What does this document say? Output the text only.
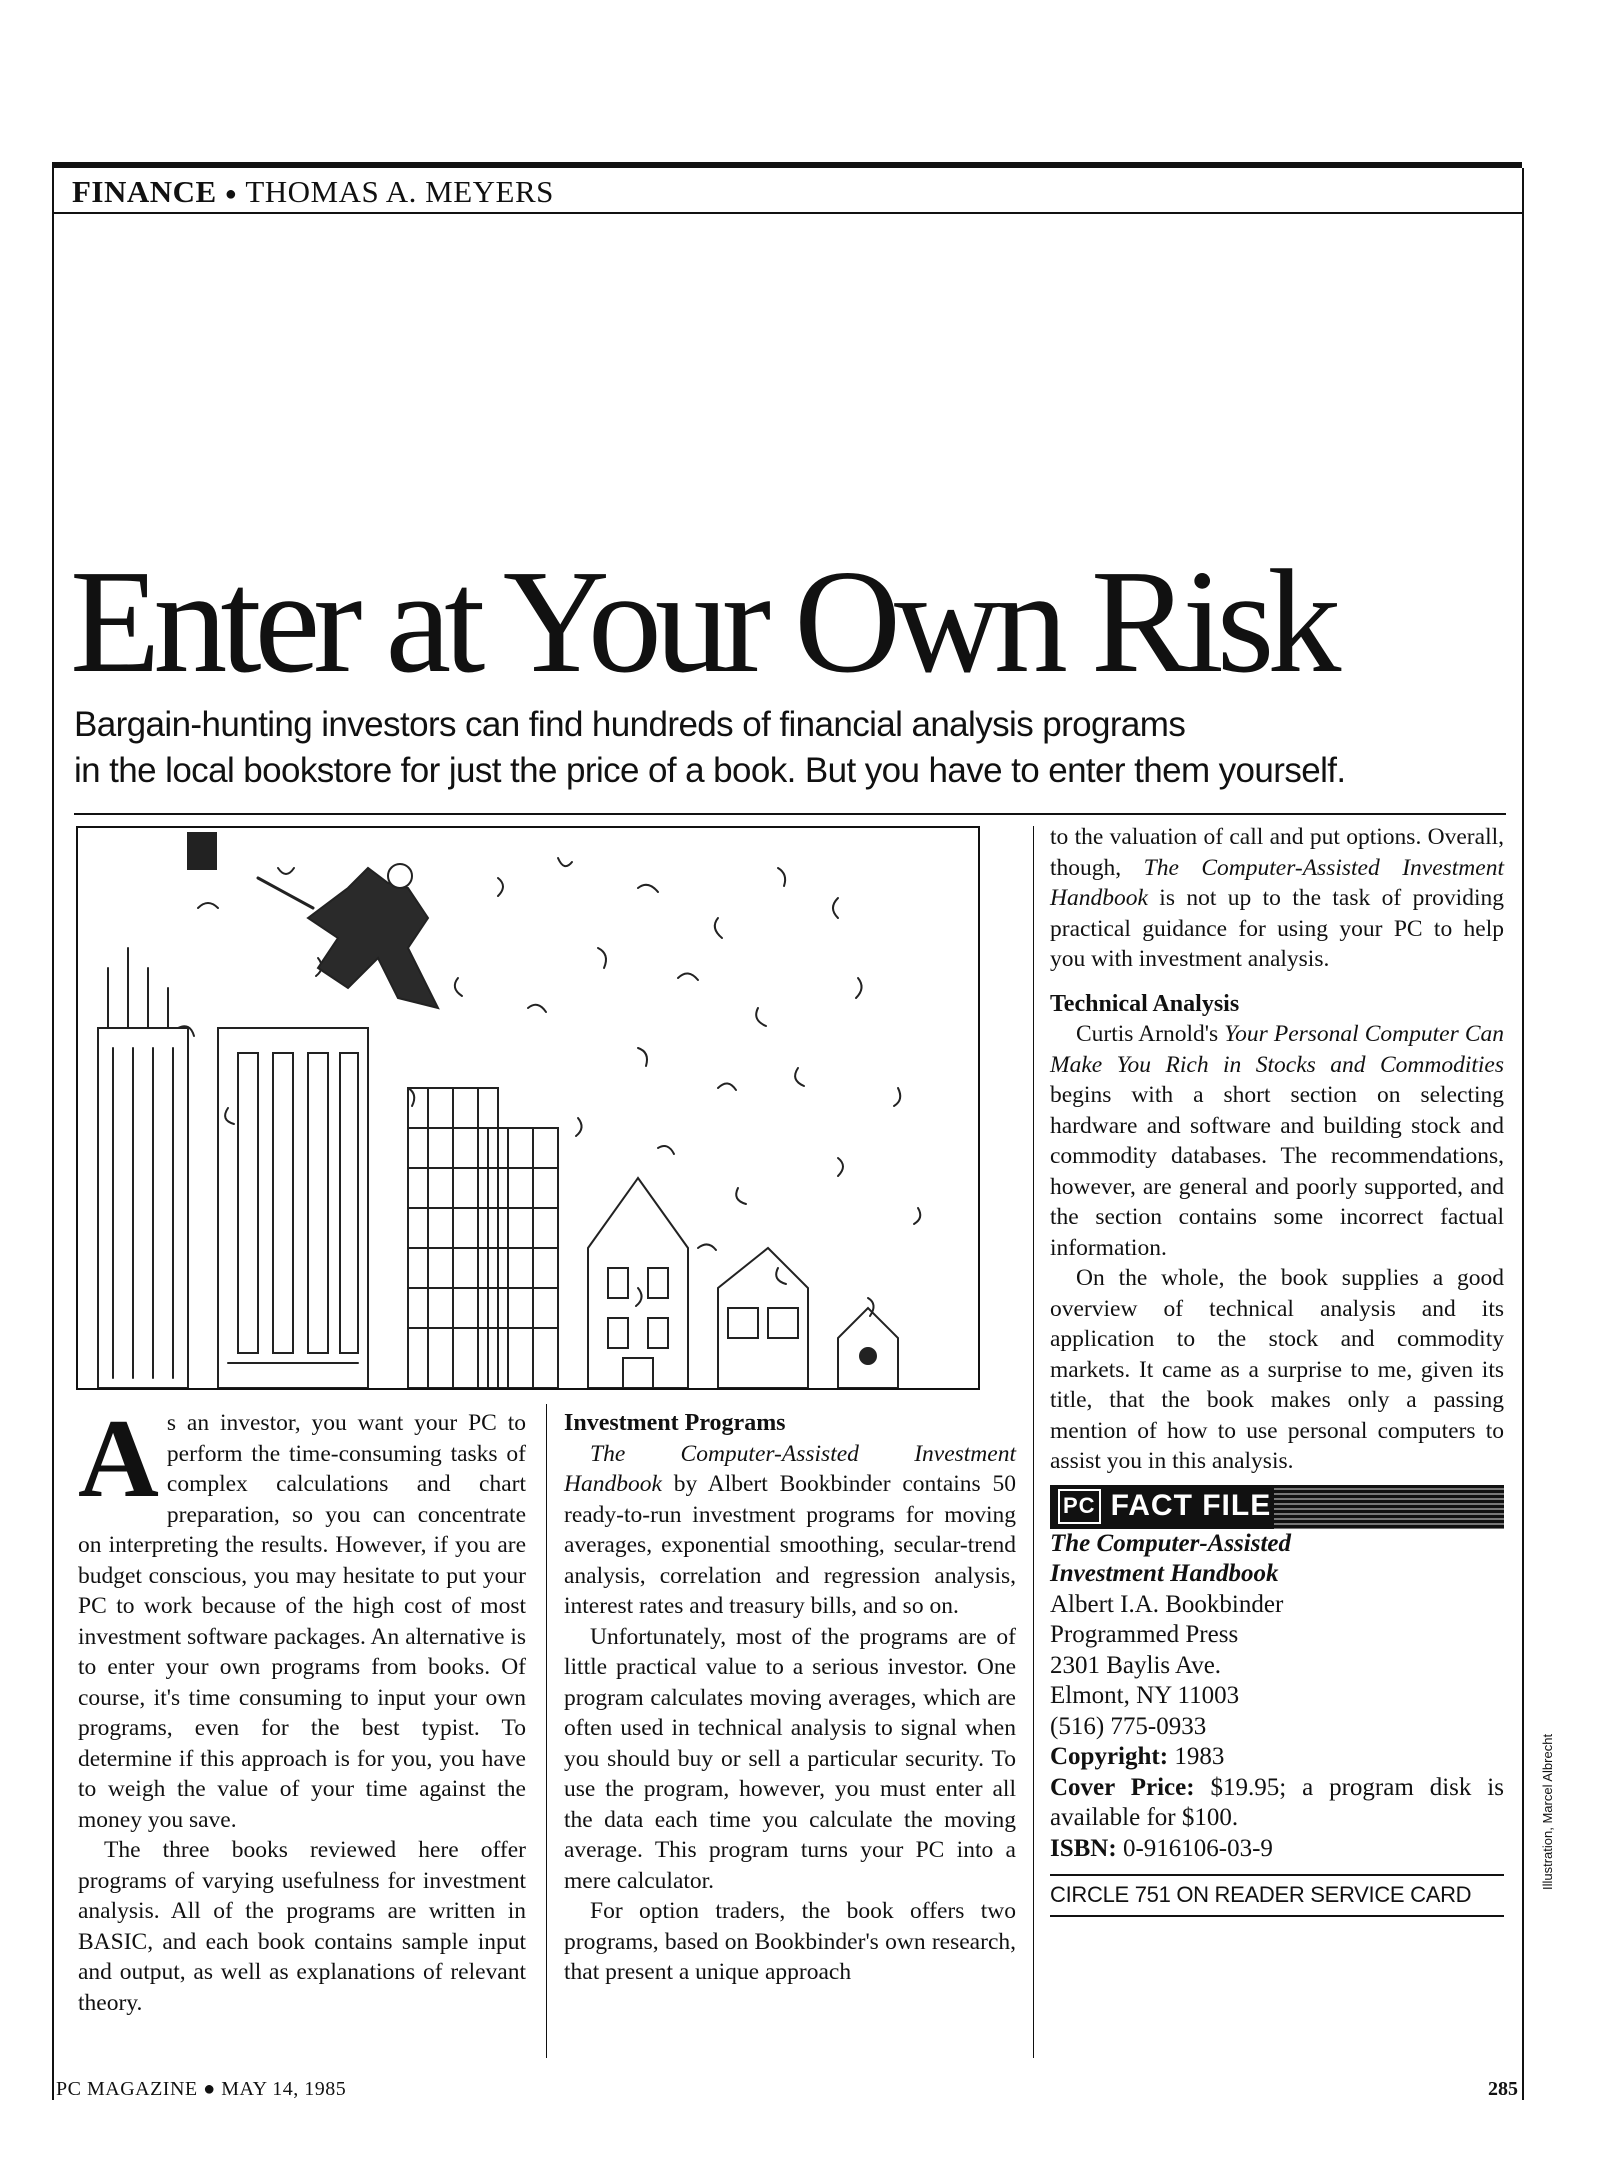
FINANCE ● THOMAS A. MEYERS
Enter at Your Own Risk
Bargain-hunting investors can find hundreds of financial analysis programs
in the local bookstore for just the price of a book. But you have to enter them yourself.

As an investor, you want your PC to perform the time-consuming tasks of complex calculations and chart preparation, so you can concentrate on interpreting the results. However, if you are budget conscious, you may hesitate to put your PC to work because of the high cost of most investment software packages. An alternative is to enter your own programs from books. Of course, it's time consuming to input your own programs, even for the best typist. To determine if this approach is for you, you have to weigh the value of your time against the money you save.

The three books reviewed here offer programs of varying usefulness for investment analysis. All of the programs are written in BASIC, and each book contains sample input and output, as well as explanations of relevant theory.

Investment Programs

The Computer-Assisted Investment Handbook by Albert Bookbinder contains 50 ready-to-run investment programs for moving averages, exponential smoothing, secular-trend analysis, correlation and regression analysis, interest rates and treasury bills, and so on.

Unfortunately, most of the programs are of little practical value to a serious investor. One program calculates moving averages, which are often used in technical analysis to signal when you should buy or sell a particular security. To use the program, however, you must enter all the data each time you calculate the moving average. This program turns your PC into a mere calculator.

For option traders, the book offers two programs, based on Bookbinder's own research, that present a unique approach

to the valuation of call and put options. Overall, though, The Computer-Assisted Investment Handbook is not up to the task of providing practical guidance for using your PC to help you with investment analysis.

Technical Analysis

Curtis Arnold's Your Personal Computer Can Make You Rich in Stocks and Commodities begins with a short section on selecting hardware and software and building stock and commodity databases. The recommendations, however, are general and poorly supported, and the section contains some incorrect factual information.

On the whole, the book supplies a good overview of technical analysis and its application to the stock and commodity markets. It came as a surprise to me, given its title, that the book makes only a passing mention of how to use personal computers to assist you in this analysis.

PC FACT FILE
The Computer-Assisted
Investment Handbook
Albert I.A. Bookbinder
Programmed Press
2301 Baylis Ave.
Elmont, NY 11003
(516) 775-0933
Copyright: 1983
Cover Price: $19.95; a program disk is available for $100.
ISBN: 0-916106-03-9
CIRCLE 751 ON READER SERVICE CARD
PC MAGAZINE ● MAY 14, 1985	285
Illustration, Marcel Albrecht
